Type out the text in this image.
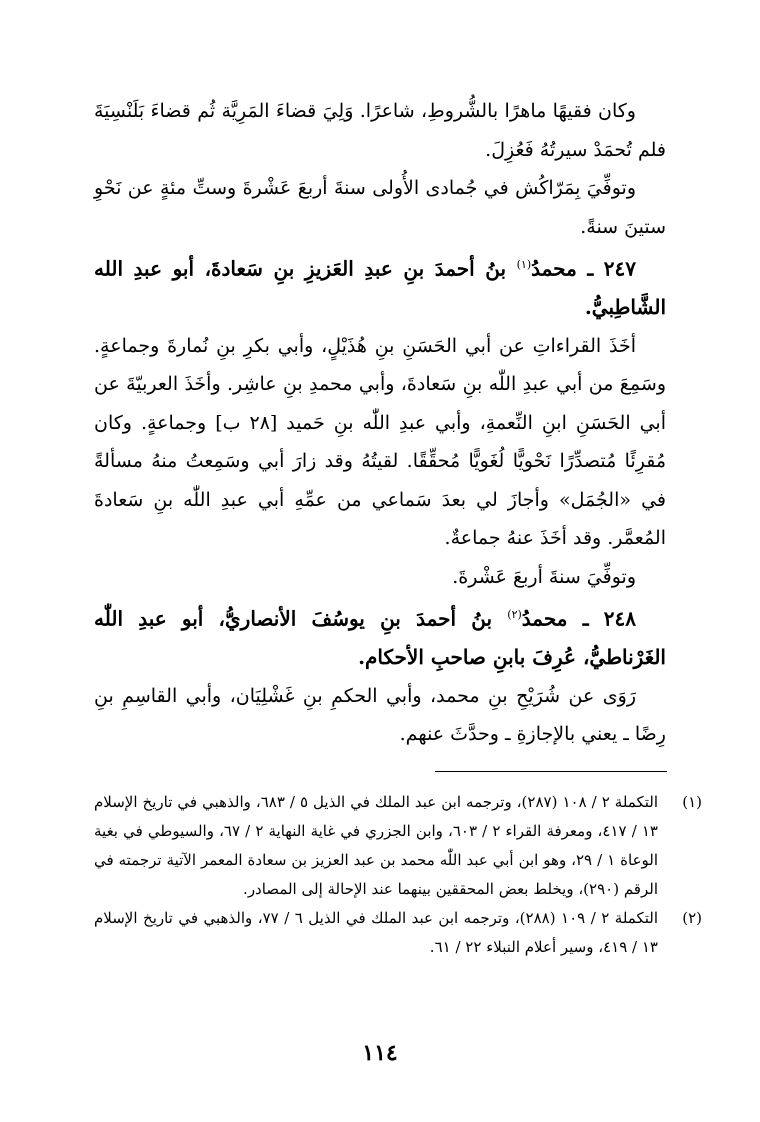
وكان فقيهًا ماهرًا بالشُّروطِ، شاعرًا. وَلِيَ قضاءَ المَرِيَّة ثُم قضاءَ بَلَنْسِيَةَ فلم تُحمَدْ سيرتُهُ فَعُزِلَ.

وتوفِّيَ بِمَرّاكُش في جُمادى الأُولى سنةَ أربعَ عَشْرةَ وستِّ مئةٍ عن نَحْوِ ستينَ سنةً.

٢٤٧ ـ محمدُ$^{(١)}$ بنُ أحمدَ بنِ عبدِ العَزيزِ بنِ سَعادةَ، أبو عبدِ الله الشَّاطِبيُّ.

أخَذَ القراءاتِ عن أبي الحَسَنِ بنِ هُذَيْلٍ، وأبي بكرِ بنِ نُمارةَ وجماعةٍ. وسَمِعَ من أبي عبدِ اللّٰه بنِ سَعادةَ، وأبي محمدِ بنِ عاشِر. وأخَذَ العربيّةَ عن أبي الحَسَنِ ابنِ النِّعمةِ، وأبي عبدِ اللّٰه بنِ حَميد [٢٨ ب] وجماعةٍ. وكان مُقرِئًا مُتصدِّرًا نَحْويًّا لُغَويًّا مُحقِّقًا. لقيتُهُ وقد زارَ أبي وسَمِعتُ منهُ مسألةً في «الجُمَل» وأجازَ لي بعدَ سَماعي من عمِّهِ أبي عبدِ اللّٰه بنِ سَعادةَ المُعمَّر. وقد أخَذَ عنهُ جماعةٌ.

وتوفِّيَ سنةَ أربعَ عَشْرةَ.

٢٤٨ ـ محمدُ$^{(٢)}$ بنُ أحمدَ بنِ يوسُفَ الأنصاريُّ، أبو عبدِ اللّٰه الغَرْناطيُّ، عُرِفَ بابنِ صاحبِ الأحكام.

رَوَى عن شُرَيْحِ بنِ محمد، وأبي الحكمِ بنِ غَشْلِيَان، وأبي القاسِمِ بنِ رِضًا ـ يعني بالإجازةِ ـ وحدَّثَ عنهم.

(١)
التكملة ٢ / ١٠٨ (٢٨٧)، وترجمه ابن عبد الملك في الذيل ٥ / ٦٨٣، والذهبي في تاريخ الإسلام ١٣ / ٤١٧، ومعرفة القراء ٢ / ٦٠٣، وابن الجزري في غاية النهاية ٢ / ٦٧، والسيوطي في بغية الوعاة ١ / ٢٩، وهو ابن أبي عبد اللّٰه محمد بن عبد العزيز بن سعادة المعمر الآتية ترجمته في الرقم (٢٩٠)، ويخلط بعض المحققين بينهما عند الإحالة إلى المصادر.

(٢)
التكملة ٢ / ١٠٩ (٢٨٨)، وترجمه ابن عبد الملك في الذيل ٦ / ٧٧، والذهبي في تاريخ الإسلام ١٣ / ٤١٩، وسير أعلام النبلاء ٢٢ / ٦١.

١١٤
